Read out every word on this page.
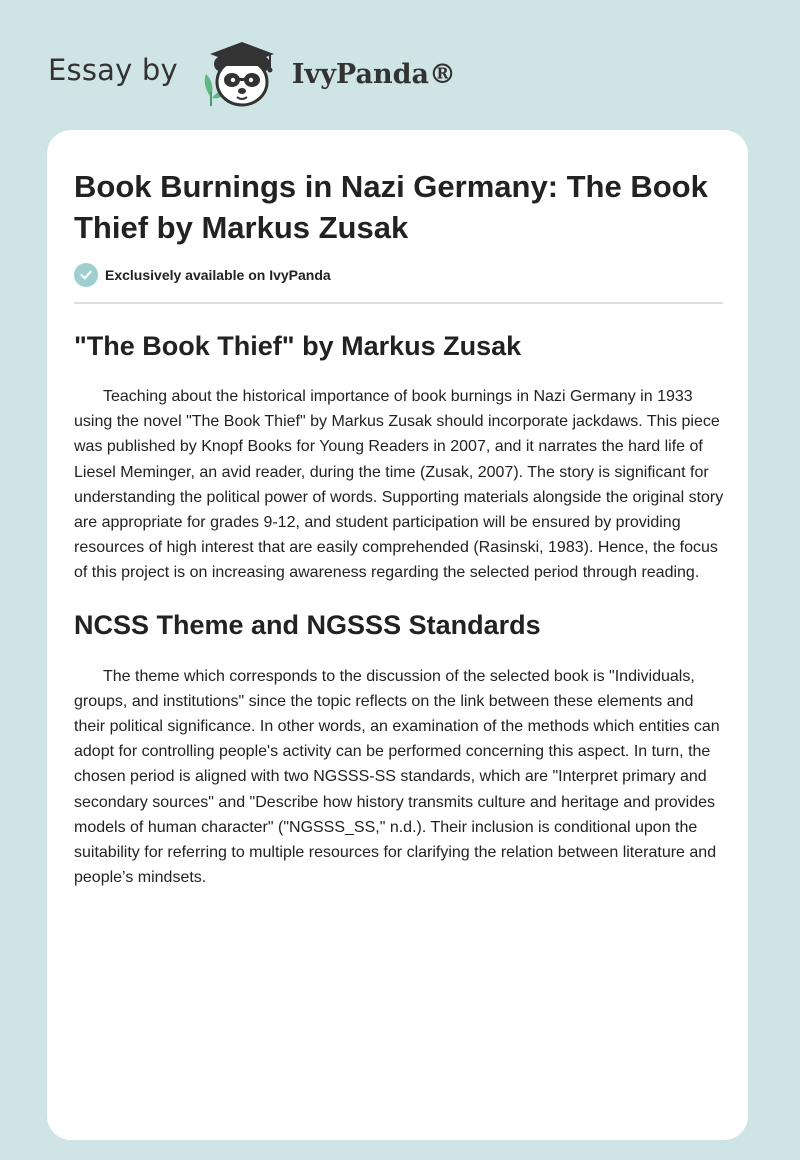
Essay by	IvyPanda®
Book Burnings in Nazi Germany: The Book Thief by Markus Zusak
Exclusively available on IvyPanda
"The Book Thief" by Markus Zusak

Teaching about the historical importance of book burnings in Nazi Germany in 1933 using the novel "The Book Thief" by Markus Zusak should incorporate jackdaws. This piece was published by Knopf Books for Young Readers in 2007, and it narrates the hard life of Liesel Meminger, an avid reader, during the time (Zusak, 2007). The story is significant for understanding the political power of words. Supporting materials alongside the original story are appropriate for grades 9-12, and student participation will be ensured by providing resources of high interest that are easily comprehended (Rasinski, 1983). Hence, the focus of this project is on increasing awareness regarding the selected period through reading.

NCSS Theme and NGSSS Standards

The theme which corresponds to the discussion of the selected book is "Individuals, groups, and institutions" since the topic reflects on the link between these elements and their political significance. In other words, an examination of the methods which entities can adopt for controlling people's activity can be performed concerning this aspect. In turn, the chosen period is aligned with two NGSSS-SS standards, which are "Interpret primary and secondary sources" and "Describe how history transmits culture and heritage and provides models of human character" ("NGSSS_SS," n.d.). Their inclusion is conditional upon the suitability for referring to multiple resources for clarifying the relation between literature and people’s mindsets.
